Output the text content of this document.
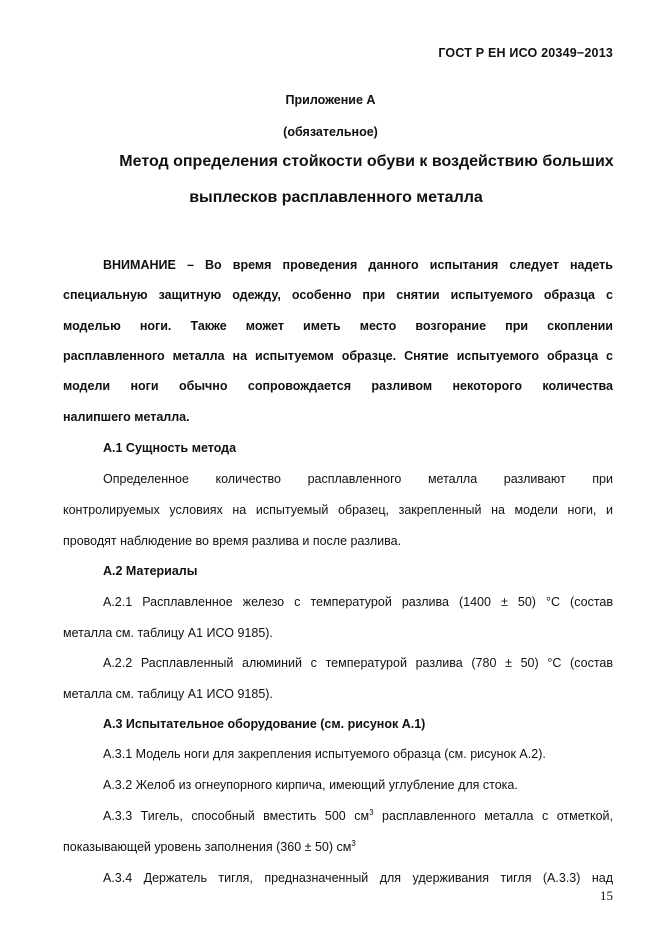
ГОСТ Р ЕН ИСО 20349−2013
Приложение А
(обязательное)
Метод определения стойкости обуви к воздействию больших
выплесков расплавленного металла
ВНИМАНИЕ – Во время проведения данного испытания следует надеть
специальную защитную одежду, особенно при снятии испытуемого образца с
моделью ноги. Также может иметь место возгорание при скоплении
расплавленного металла на испытуемом образце. Снятие испытуемого образца с
модели ноги обычно сопровождается разливом некоторого количества
налипшего металла.
А.1 Сущность метода
Определенное количество расплавленного металла разливают при
контролируемых условиях на испытуемый образец, закрепленный на модели ноги, и
проводят наблюдение во время разлива и после разлива.
А.2 Материалы
А.2.1 Расплавленное железо с температурой разлива (1400 ± 50) °С (состав
металла см. таблицу А1 ИСО 9185).
А.2.2 Расплавленный алюминий с температурой разлива (780 ± 50) °С (состав
металла см. таблицу А1 ИСО 9185).
А.3 Испытательное оборудование (см. рисунок А.1)
А.3.1 Модель ноги для закрепления испытуемого образца (см. рисунок А.2).
А.3.2 Желоб из огнеупорного кирпича, имеющий углубление для стока.
А.3.3 Тигель, способный вместить 500 $см^3$ расплавленного металла с отметкой,
показывающей уровень заполнения (360 ± 50) $см^3$
А.3.4 Держатель тигля, предназначенный для удерживания тигля (А.3.3) над
15
